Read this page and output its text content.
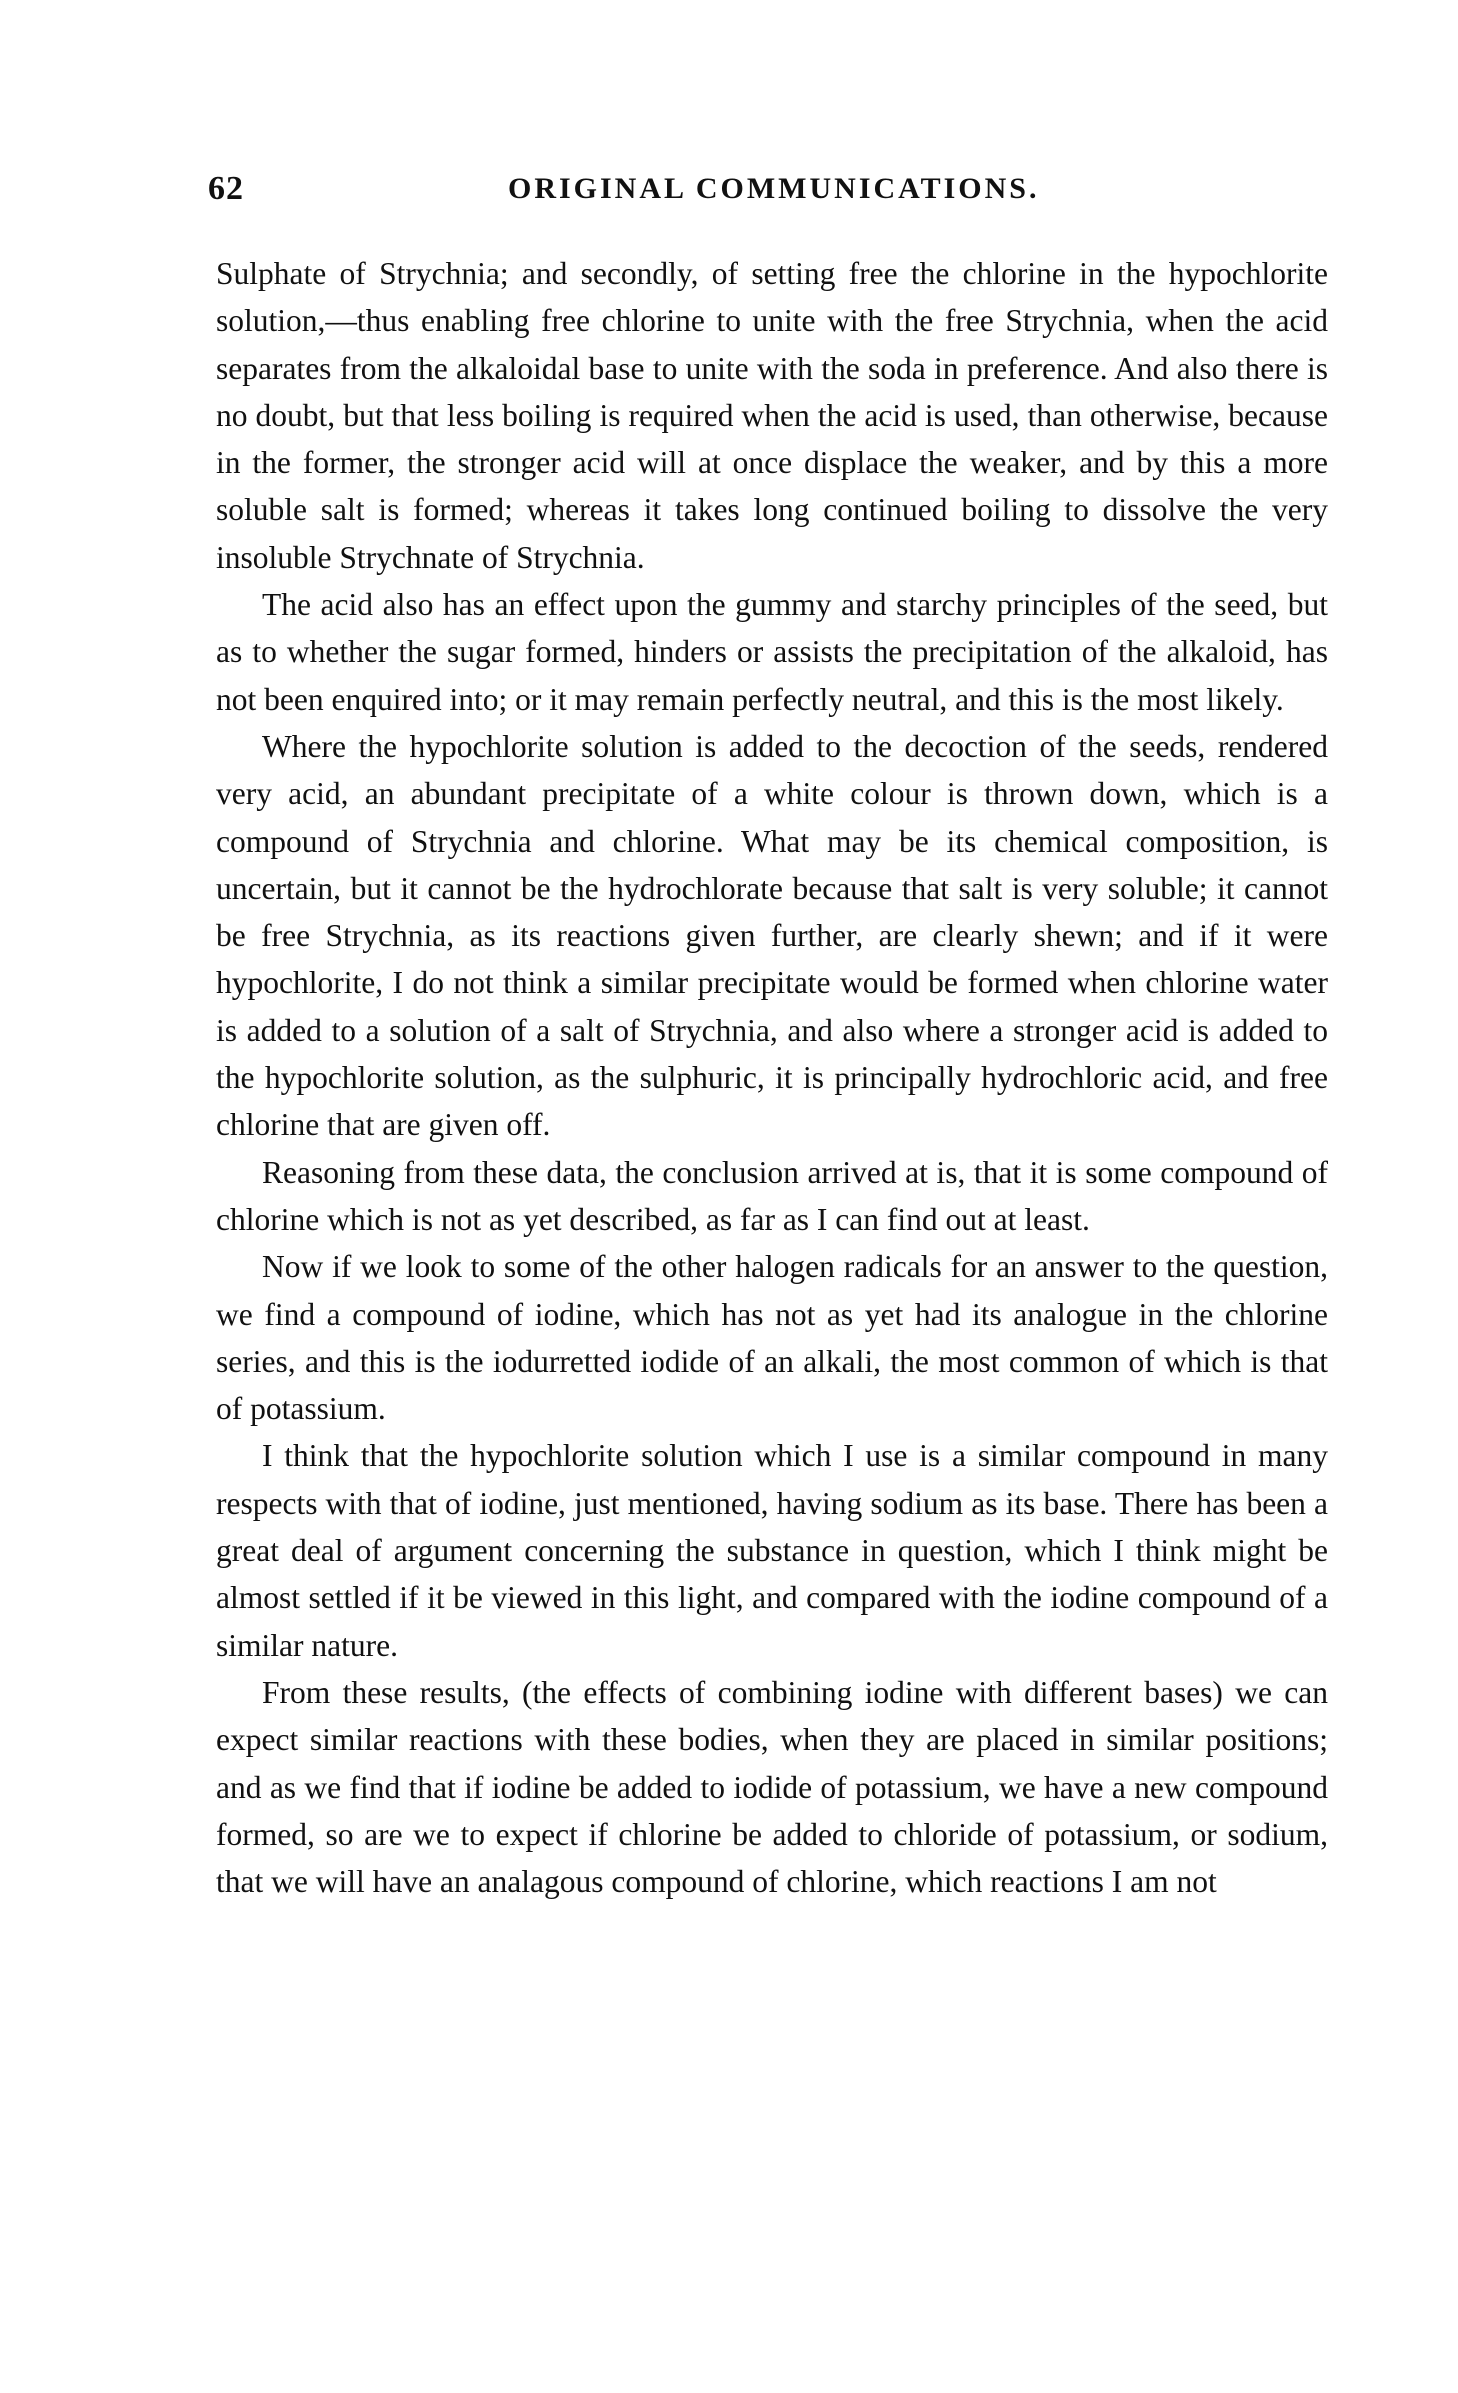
62	ORIGINAL COMMUNICATIONS.

Sulphate of Strychnia; and secondly, of setting free the chlorine in the hypochlorite solution,—thus enabling free chlorine to unite with the free Strychnia, when the acid separates from the alkaloidal base to unite with the soda in preference. And also there is no doubt, but that less boiling is required when the acid is used, than otherwise, because in the former, the stronger acid will at once displace the weaker, and by this a more soluble salt is formed; whereas it takes long continued boiling to dissolve the very insoluble Strychnate of Strychnia.

The acid also has an effect upon the gummy and starchy principles of the seed, but as to whether the sugar formed, hinders or assists the precipitation of the alkaloid, has not been enquired into; or it may remain perfectly neutral, and this is the most likely.

Where the hypochlorite solution is added to the decoction of the seeds, rendered very acid, an abundant precipitate of a white colour is thrown down, which is a compound of Strychnia and chlorine. What may be its chemical composition, is uncertain, but it cannot be the hydrochlorate because that salt is very soluble; it cannot be free Strychnia, as its reactions given further, are clearly shewn; and if it were hypochlorite, I do not think a similar precipitate would be formed when chlorine water is added to a solution of a salt of Strychnia, and also where a stronger acid is added to the hypochlorite solution, as the sulphuric, it is principally hydrochloric acid, and free chlorine that are given off.

Reasoning from these data, the conclusion arrived at is, that it is some compound of chlorine which is not as yet described, as far as I can find out at least.

Now if we look to some of the other halogen radicals for an answer to the question, we find a compound of iodine, which has not as yet had its analogue in the chlorine series, and this is the iodurretted iodide of an alkali, the most common of which is that of potassium.

I think that the hypochlorite solution which I use is a similar compound in many respects with that of iodine, just mentioned, having sodium as its base. There has been a great deal of argument concerning the substance in question, which I think might be almost settled if it be viewed in this light, and compared with the iodine compound of a similar nature.

From these results, (the effects of combining iodine with different bases) we can expect similar reactions with these bodies, when they are placed in similar positions; and as we find that if iodine be added to iodide of potassium, we have a new compound formed, so are we to expect if chlorine be added to chloride of potassium, or sodium, that we will have an analagous compound of chlorine, which reactions I am not
